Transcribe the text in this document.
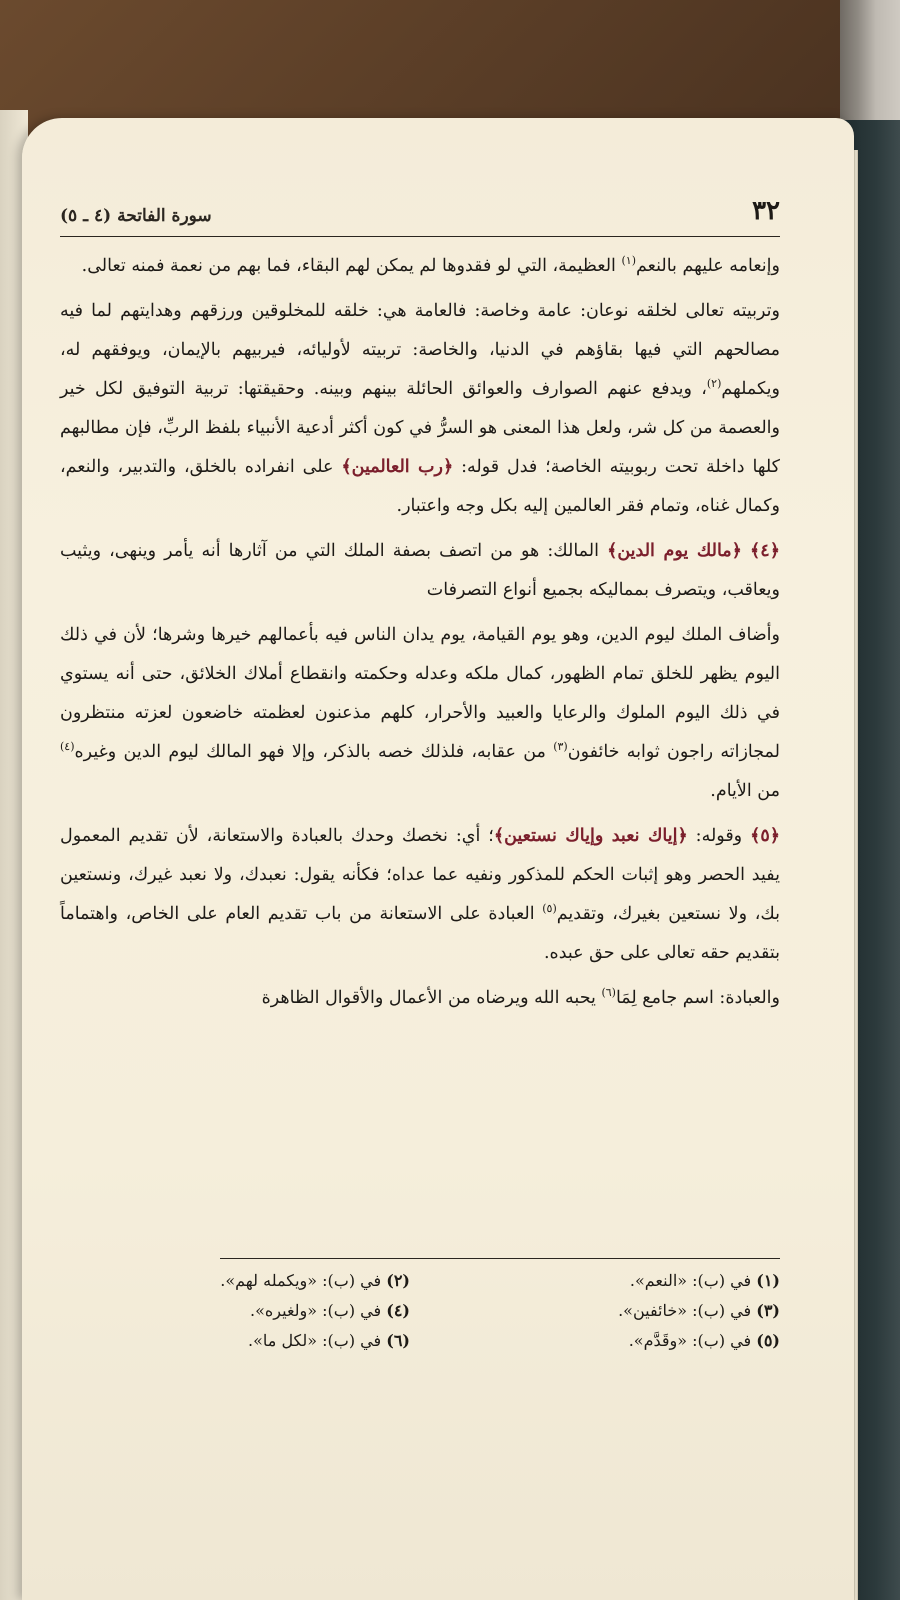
٣٢
سورة الفاتحة (٤ ـ ٥)

وإنعامه عليهم بالنعم$^{(١)}$ العظيمة، التي لو فقدوها لم يمكن لهم البقاء، فما بهم من نعمة فمنه تعالى.

وتربيته تعالى لخلقه نوعان: عامة وخاصة: فالعامة هي: خلقه للمخلوقين ورزقهم وهدايتهم لما فيه مصالحهم التي فيها بقاؤهم في الدنيا، والخاصة: تربيته لأوليائه، فيربيهم بالإيمان، ويوفقهم له، ويكملهم$^{(٢)}$، ويدفع عنهم الصوارف والعوائق الحائلة بينهم وبينه. وحقيقتها: تربية التوفيق لكل خير والعصمة من كل شر، ولعل هذا المعنى هو السرُّ في كون أكثر أدعية الأنبياء بلفظ الربِّ، فإن مطالبهم كلها داخلة تحت ربوبيته الخاصة؛ فدل قوله: ﴿رب العالمين﴾ على انفراده بالخلق، والتدبير، والنعم، وكمال غناه، وتمام فقر العالمين إليه بكل وجه واعتبار.

﴿٤﴾ ﴿مالك يوم الدين﴾ المالك: هو من اتصف بصفة الملك التي من آثارها أنه يأمر وينهى، ويثيب ويعاقب، ويتصرف بمماليكه بجميع أنواع التصرفات

وأضاف الملك ليوم الدين، وهو يوم القيامة، يوم يدان الناس فيه بأعمالهم خيرها وشرها؛ لأن في ذلك اليوم يظهر للخلق تمام الظهور، كمال ملكه وعدله وحكمته وانقطاع أملاك الخلائق، حتى أنه يستوي في ذلك اليوم الملوك والرعايا والعبيد والأحرار، كلهم مذعنون لعظمته خاضعون لعزته منتظرون لمجازاته راجون ثوابه خائفون$^{(٣)}$ من عقابه، فلذلك خصه بالذكر، وإلا فهو المالك ليوم الدين وغيره$^{(٤)}$ من الأيام.

﴿٥﴾ وقوله: ﴿إياك نعبد وإياك نستعين﴾؛ أي: نخصك وحدك بالعبادة والاستعانة، لأن تقديم المعمول يفيد الحصر وهو إثبات الحكم للمذكور ونفيه عما عداه؛ فكأنه يقول: نعبدك، ولا نعبد غيرك، ونستعين بك، ولا نستعين بغيرك، وتقديم$^{(٥)}$ العبادة على الاستعانة من باب تقديم العام على الخاص، واهتماماً بتقديم حقه تعالى على حق عبده.

والعبادة: اسم جامع لِمَا$^{(٦)}$ يحبه الله ويرضاه من الأعمال والأقوال الظاهرة

(١) في (ب): «النعم».
(٢) في (ب): «ويكمله لهم».
(٣) في (ب): «خائفين».
(٤) في (ب): «ولغيره».
(٥) في (ب): «وقَدَّم».
(٦) في (ب): «لكل ما».
